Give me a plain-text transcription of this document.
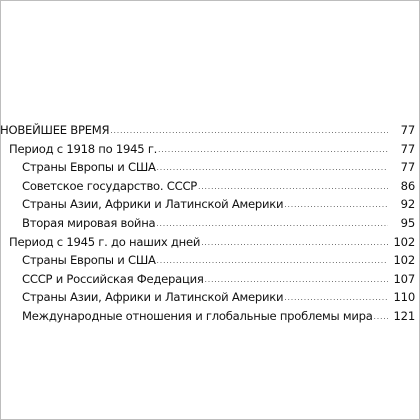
НОВЕЙШЕЕ ВРЕМЯ . . .	77
Период с 1918 по 1945 г. . . .	77
Страны Европы и США . . .	77
Советское государство. СССР . . .	86
Страны Азии, Африки и Латинской Америки . . .	92
Вторая мировая война . . .	95
Период с 1945 г. до наших дней . . .	102
Страны Европы и США . . .	102
СССР и Российская Федерация . . .	107
Страны Азии, Африки и Латинской Америки . . .	110
Международные отношения и глобальные проблемы мира . . .	121
